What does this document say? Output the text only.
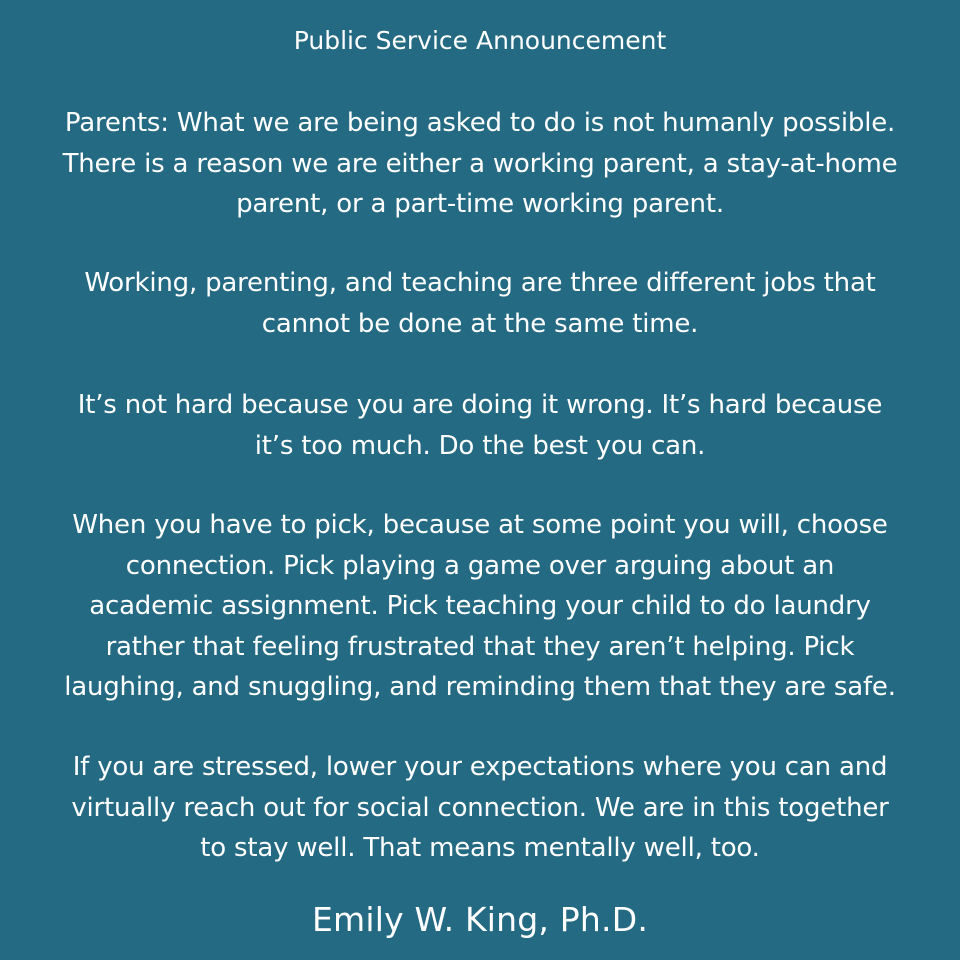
Public Service Announcement

Parents: What we are being asked to do is not humanly possible.
There is a reason we are either a working parent, a stay-at-home
parent, or a part-time working parent.

Working, parenting, and teaching are three different jobs that
cannot be done at the same time.

It’s not hard because you are doing it wrong. It’s hard because
it’s too much. Do the best you can.

When you have to pick, because at some point you will, choose
connection. Pick playing a game over arguing about an
academic assignment. Pick teaching your child to do laundry
rather that feeling frustrated that they aren’t helping. Pick
laughing, and snuggling, and reminding them that they are safe.

If you are stressed, lower your expectations where you can and
virtually reach out for social connection. We are in this together
to stay well. That means mentally well, too.

Emily W. King, Ph.D.
